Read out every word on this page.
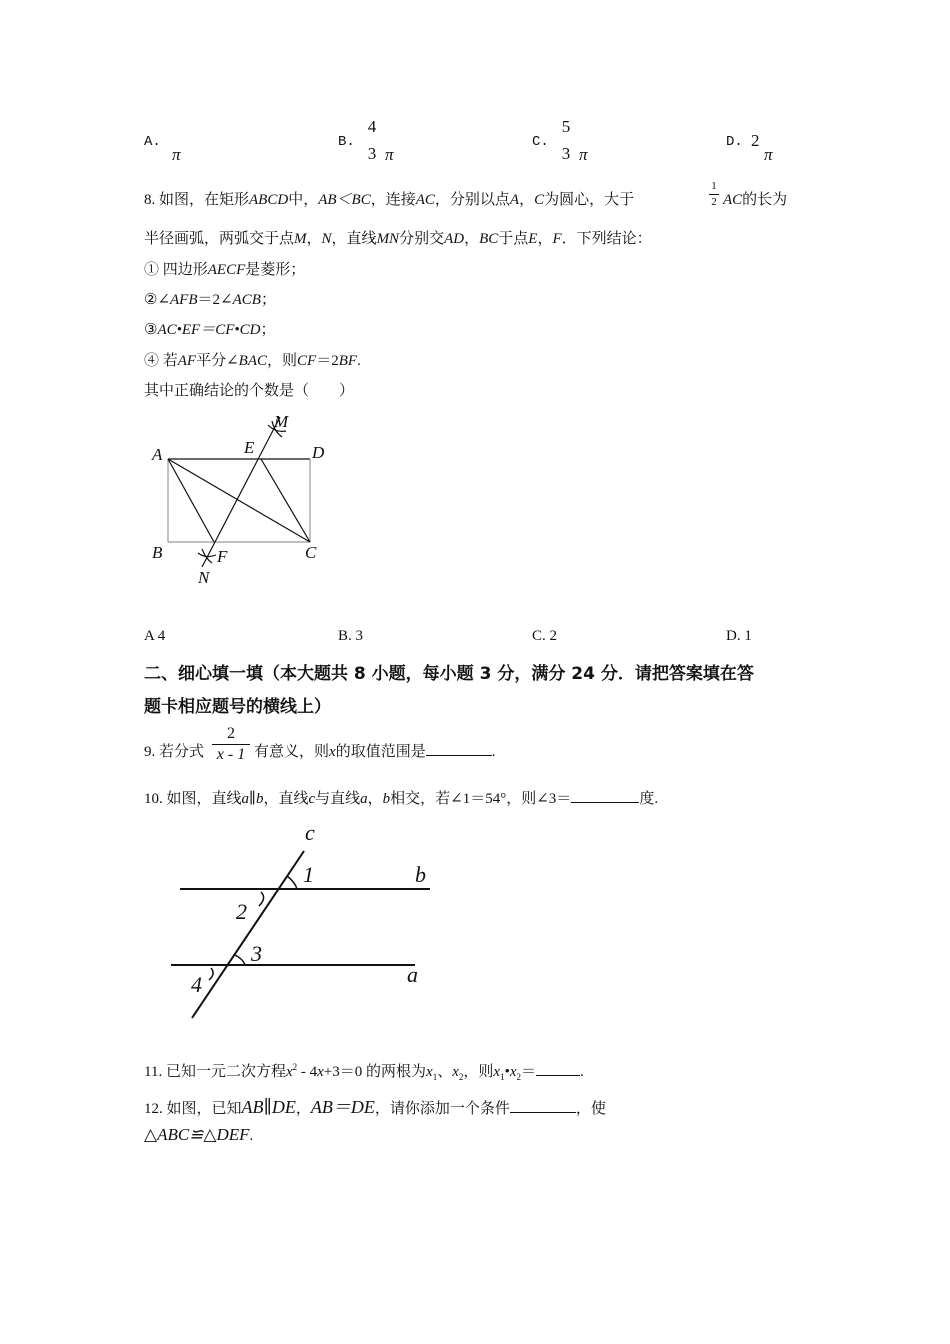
A.
π
B.
4
3 π
C.
5
3 π
D. 2
π
8. 如图，在矩形ABCD中，AB＜BC，连接AC，分别以点A，C为圆心，大于
1
2 AC的长为
半径画弧，两弧交于点M，N，直线MN分别交AD，BC于点E，F．下列结论：
① 四边形AECF是菱形；
②∠AFB＝2∠ACB；
③AC•EF＝CF•CD；
④ 若AF平分∠BAC，则CF＝2BF.
其中正确结论的个数是（　　）
A	E
M
D
B	F	C
N
A 4	B. 3	C. 2	D. 1
二、细心填一填（本大题共 8 小题，每小题 3 分，满分 24 分．请把答案填在答
题卡相应题号的横线上）
9. 若分式
2
x - 1 有意义，则x的取值范围是	.
10. 如图，直线a∥b，直线c与直线a，b相交，若∠1＝54°，则∠3＝	度.
c
b
a
1
2
3
4
11. 已知一元二次方程$x^2 - 4x+3=0$ 的两根为$x_1$、$x_2$，则$x_1•x_2=$	.
12. 如图，已知AB∥DE，AB＝DE，请你添加一个条件	，使
△ABC≌△DEF.
